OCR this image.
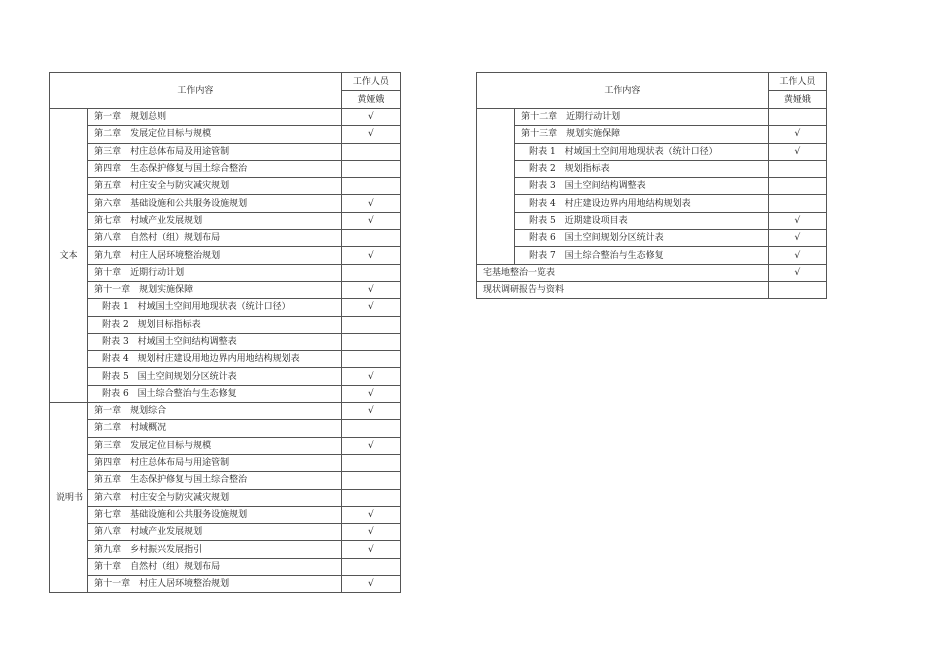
工作内容		工作人员
		黄娅娥
文本	第一章　规划总则	√
	第二章　发展定位目标与规模	√
	第三章　村庄总体布局及用途管制	
	第四章　生态保护修复与国土综合整治	
	第五章　村庄安全与防灾减灾规划	
	第六章　基础设施和公共服务设施规划	√
	第七章　村域产业发展规划	√
	第八章　自然村（组）规划布局	
	第九章　村庄人居环境整治规划	√
	第十章　近期行动计划	
	第十一章　规划实施保障	√
	附表 1　村域国土空间用地现状表（统计口径）	√
	附表 2　规划目标指标表	
	附表 3　村域国土空间结构调整表	
	附表 4　规划村庄建设用地边界内用地结构规划表	
	附表 5　国土空间规划分区统计表	√
	附表 6　国土综合整治与生态修复	√
说明书	第一章　规划综合	√
	第二章　村域概况	
	第三章　发展定位目标与规模	√
	第四章　村庄总体布局与用途管制	
	第五章　生态保护修复与国土综合整治	
	第六章　村庄安全与防灾减灾规划	
	第七章　基础设施和公共服务设施规划	√
	第八章　村域产业发展规划	√
	第九章　乡村振兴发展指引	√
	第十章　自然村（组）规划布局	
	第十一章　村庄人居环境整治规划	√
工作内容		工作人员
		黄娅娥
	第十二章　近期行动计划	
	第十三章　规划实施保障	√
	附表 1　村域国土空间用地现状表（统计口径）	√
	附表 2　规划指标表	
	附表 3　国土空间结构调整表	
	附表 4　村庄建设边界内用地结构规划表	
	附表 5　近期建设项目表	√
	附表 6　国土空间规划分区统计表	√
	附表 7　国土综合整治与生态修复	√
宅基地整治一览表		√
现状调研报告与资料		
